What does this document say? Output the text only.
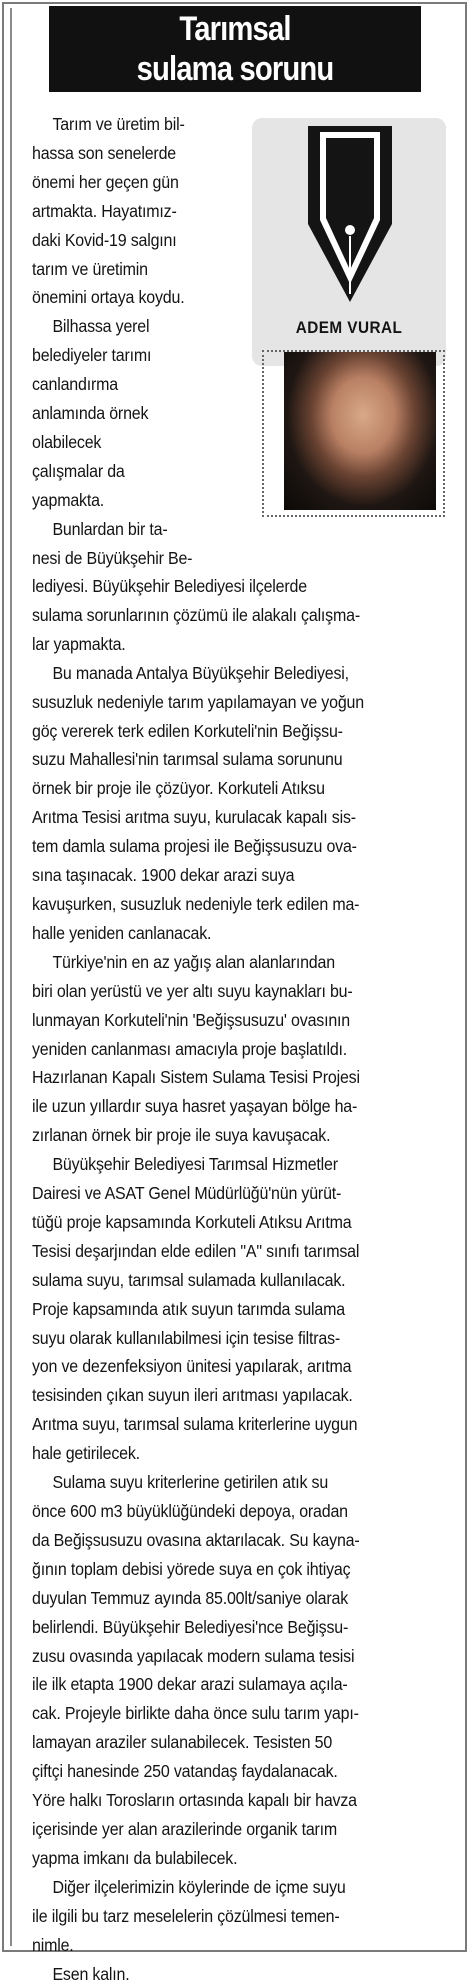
Tarımsal
sulama sorunu
ADEM VURAL
Tarım ve üretim bil-
hassa son senelerde
önemi her geçen gün
artmakta. Hayatımız-
daki Kovid-19 salgını
tarım ve üretimin
önemini ortaya koydu.
Bilhassa yerel
belediyeler tarımı
canlandırma
anlamında örnek
olabilecek
çalışmalar da
yapmakta.
Bunlardan bir ta-
nesi de Büyükşehir Be-
lediyesi. Büyükşehir Belediyesi ilçelerde
sulama sorunlarının çözümü ile alakalı çalışma-
lar yapmakta.
Bu manada Antalya Büyükşehir Belediyesi,
susuzluk nedeniyle tarım yapılamayan ve yoğun
göç vererek terk edilen Korkuteli'nin Beğişsu-
suzu Mahallesi'nin tarımsal sulama sorununu
örnek bir proje ile çözüyor. Korkuteli Atıksu
Arıtma Tesisi arıtma suyu, kurulacak kapalı sis-
tem damla sulama projesi ile Beğişsusuzu ova-
sına taşınacak. 1900 dekar arazi suya
kavuşurken, susuzluk nedeniyle terk edilen ma-
halle yeniden canlanacak.
Türkiye'nin en az yağış alan alanlarından
biri olan yerüstü ve yer altı suyu kaynakları bu-
lunmayan Korkuteli'nin 'Beğişsusuzu' ovasının
yeniden canlanması amacıyla proje başlatıldı.
Hazırlanan Kapalı Sistem Sulama Tesisi Projesi
ile uzun yıllardır suya hasret yaşayan bölge ha-
zırlanan örnek bir proje ile suya kavuşacak.
Büyükşehir Belediyesi Tarımsal Hizmetler
Dairesi ve ASAT Genel Müdürlüğü'nün yürüt-
tüğü proje kapsamında Korkuteli Atıksu Arıtma
Tesisi deşarjından elde edilen "A" sınıfı tarımsal
sulama suyu, tarımsal sulamada kullanılacak.
Proje kapsamında atık suyun tarımda sulama
suyu olarak kullanılabilmesi için tesise filtras-
yon ve dezenfeksiyon ünitesi yapılarak, arıtma
tesisinden çıkan suyun ileri arıtması yapılacak.
Arıtma suyu, tarımsal sulama kriterlerine uygun
hale getirilecek.
Sulama suyu kriterlerine getirilen atık su
önce 600 m3 büyüklüğündeki depoya, oradan
da Beğişsusuzu ovasına aktarılacak. Su kayna-
ğının toplam debisi yörede suya en çok ihtiyaç
duyulan Temmuz ayında 85.00lt/saniye olarak
belirlendi. Büyükşehir Belediyesi'nce Beğişsu-
zusu ovasında yapılacak modern sulama tesisi
ile ilk etapta 1900 dekar arazi sulamaya açıla-
cak. Projeyle birlikte daha önce sulu tarım yapı-
lamayan araziler sulanabilecek. Tesisten 50
çiftçi hanesinde 250 vatandaş faydalanacak.
Yöre halkı Torosların ortasında kapalı bir havza
içerisinde yer alan arazilerinde organik tarım
yapma imkanı da bulabilecek.
Diğer ilçelerimizin köylerinde de içme suyu
ile ilgili bu tarz meselelerin çözülmesi temen-
nimle.
Esen kalın.
